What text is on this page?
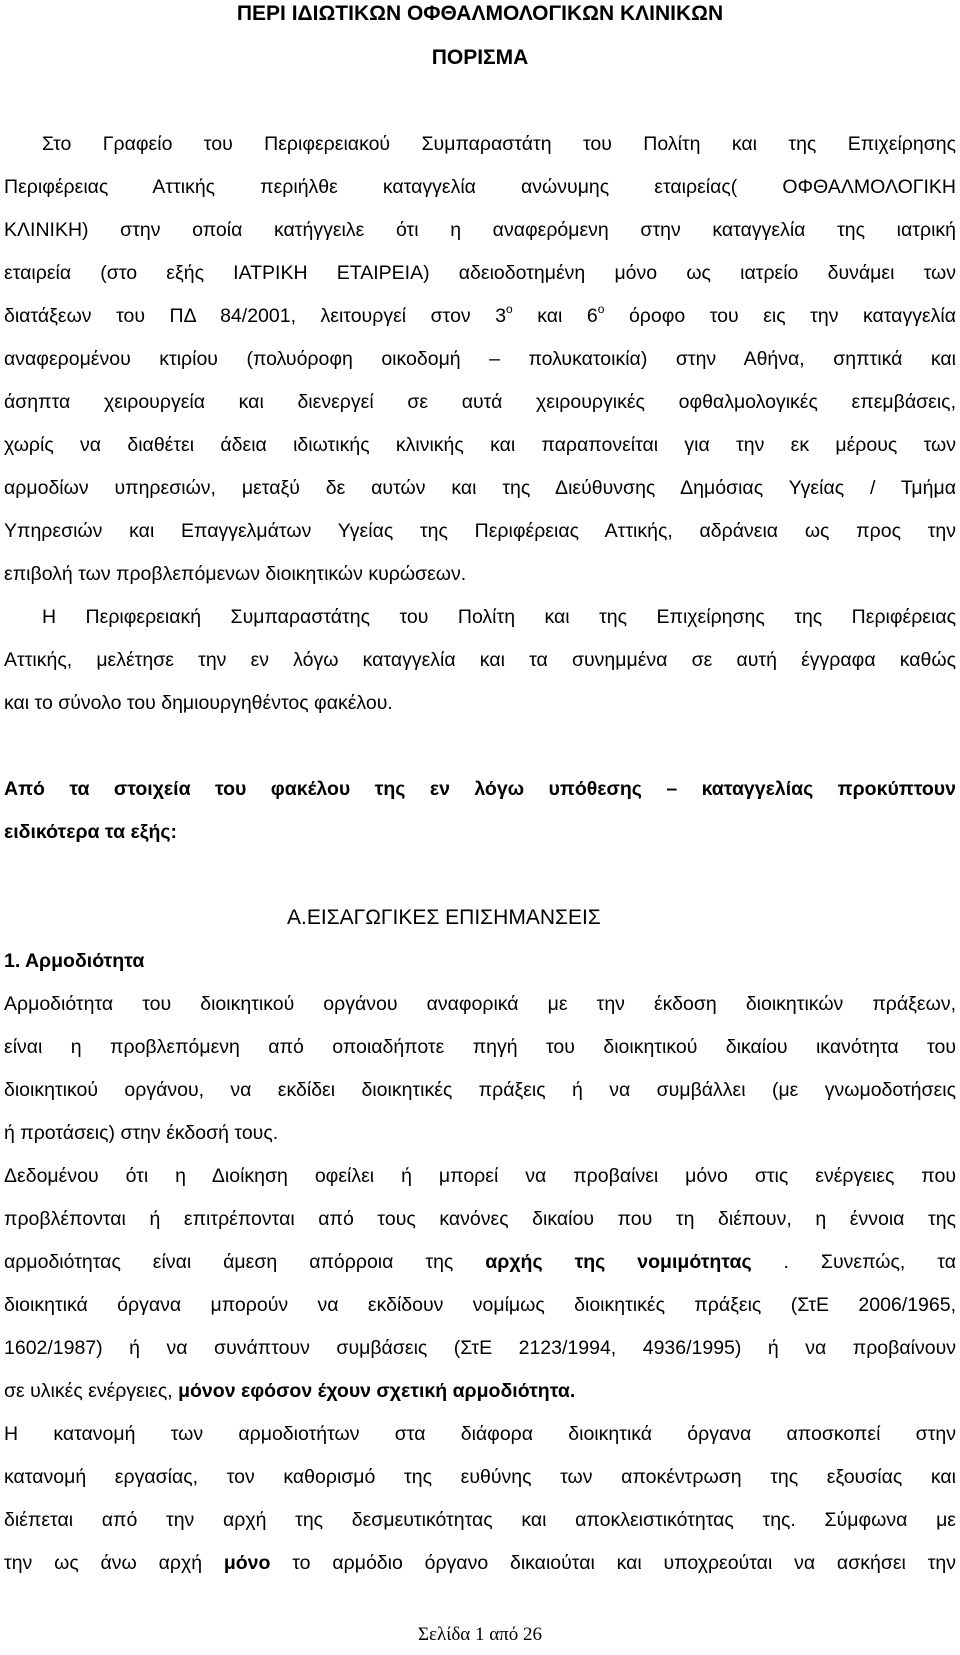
ΠΕΡΙ ΙΔΙΩΤΙΚΩΝ ΟΦΘΑΛΜΟΛΟΓΙΚΩΝ ΚΛΙΝΙΚΩΝ
ΠΟΡΙΣΜΑ
Στο Γραφείο του Περιφερειακού Συμπαραστάτη του Πολίτη και της Επιχείρησης
Περιφέρειας Αττικής περιήλθε καταγγελία ανώνυμης εταιρείας( ΟΦΘΑΛΜΟΛΟΓΙΚΗ
ΚΛΙΝΙΚΗ) στην οποία κατήγγειλε ότι η αναφερόμενη στην καταγγελία της ιατρική
εταιρεία (στο εξής ΙΑΤΡΙΚΗ ΕΤΑΙΡΕΙΑ) αδειοδοτημένη μόνο ως ιατρείο δυνάμει των
διατάξεων του ΠΔ 84/2001, λειτουργεί στον $3^o$ και $6^o$ όροφο του εις την καταγγελία
αναφερομένου κτιρίου (πολυόροφη οικοδομή – πολυκατοικία) στην Αθήνα, σηπτικά και
άσηπτα χειρουργεία και διενεργεί σε αυτά χειρουργικές οφθαλμολογικές επεμβάσεις,
χωρίς να διαθέτει άδεια ιδιωτικής κλινικής και παραπονείται για την εκ μέρους των
αρμοδίων υπηρεσιών, μεταξύ δε αυτών και της Διεύθυνσης Δημόσιας Υγείας / Τμήμα
Υπηρεσιών και Επαγγελμάτων Υγείας της Περιφέρειας Αττικής, αδράνεια ως προς την
επιβολή των προβλεπόμενων διοικητικών κυρώσεων.
Η Περιφερειακή Συμπαραστάτης του Πολίτη και της Επιχείρησης της Περιφέρειας
Αττικής, μελέτησε την εν λόγω καταγγελία και τα συνημμένα σε αυτή έγγραφα καθώς
και το σύνολο του δημιουργηθέντος φακέλου.
Από τα στοιχεία του φακέλου της εν λόγω υπόθεσης – καταγγελίας προκύπτουν
ειδικότερα τα εξής:
Α.ΕΙΣΑΓΩΓΙΚΕΣ ΕΠΙΣΗΜΑΝΣΕΙΣ
1. Αρμοδιότητα
Αρμοδιότητα του διοικητικού οργάνου αναφορικά με την έκδοση διοικητικών πράξεων,
είναι η προβλεπόμενη από οποιαδήποτε πηγή του διοικητικού δικαίου ικανότητα του
διοικητικού οργάνου, να εκδίδει διοικητικές πράξεις ή να συμβάλλει (με γνωμοδοτήσεις
ή προτάσεις) στην έκδοσή τους.
Δεδομένου ότι η Διοίκηση οφείλει ή μπορεί να προβαίνει μόνο στις ενέργειες που
προβλέπονται ή επιτρέπονται από τους κανόνες δικαίου που τη διέπουν, η έννοια της
αρμοδιότητας είναι άμεση απόρροια της αρχής της νομιμότητας . Συνεπώς, τα
διοικητικά όργανα μπορούν να εκδίδουν νομίμως διοικητικές πράξεις (ΣτΕ 2006/1965,
1602/1987) ή να συνάπτουν συμβάσεις (ΣτΕ 2123/1994, 4936/1995) ή να προβαίνουν
σε υλικές ενέργειες, μόνον εφόσον έχουν σχετική αρμοδιότητα.
Η κατανομή των αρμοδιοτήτων στα διάφορα διοικητικά όργανα αποσκοπεί στην
κατανομή εργασίας, τον καθορισμό της ευθύνης των αποκέντρωση της εξουσίας και
διέπεται από την αρχή της δεσμευτικότητας και αποκλειστικότητας της. Σύμφωνα με
την ως άνω αρχή μόνο το αρμόδιο όργανο δικαιούται και υποχρεούται να ασκήσει την
Σελίδα 1 από 26
